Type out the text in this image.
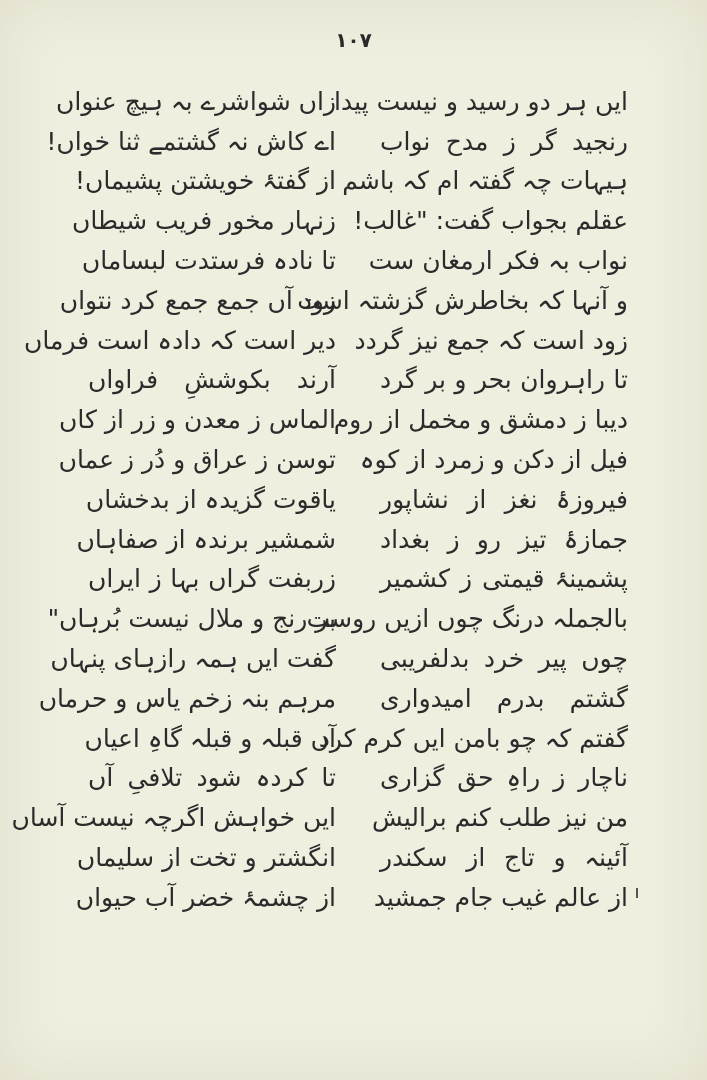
۱۰۷
ایں ہر دو رسید و نیست پیدا
زاں شواشرے بہ ہیچ عنواں
رنجید گر ز مدح نواب
اے کاش نہ گشتمے ثنا خواں!
ہیہات چہ گفتہ ام کہ باشم
از گفتۂ خویشتن پشیماں!
عقلم بجواب گفت: "غالب!
زنہار مخور فریب شیطاں
نواب بہ فکر ارمغان ست
تا نادہ فرستدت لبساماں
و آنہا کہ بخاطرش گزشتہ است
زود آں جمع جمع کرد نتواں
زود است کہ جمع نیز گردد
دیر است کہ دادہ است فرماں
تا راہروان بحر و بر گرد
آرند بکوششِ فراواں
دیبا ز دمشق و مخمل از روم
الماس ز معدن و زر از کاں
فیل از دکن و زمرد از کوہ
توسن ز عراق و دُر ز عماں
فیروزۂ نغز از نشاپور
یاقوت گزیدہ از بدخشاں
جمازۂ تیز رو ز بغداد
شمشیر برندہ از صفاہاں
پشمینۂ قیمتی ز کشمیر
زربفت گراں بہا ز ایراں
بالجملہ درنگ چوں ازیں روست
بر رنج و ملال نیست بُرہاں"
چوں پیر خرد بدلفریبی
گفت ایں ہمہ رازہای پنہاں
گشتم بدرم امیدواری
مرہم بنہ زخم یاس و حرماں
گفتم کہ چو بامن ایں کرم کرد
آں قبلہ و قبلہ گاہِ اعیاں
ناچار ز راہِ حق گزاری
تا کردہ شود تلافیِ آں
من نیز طلب کنم برالیش
ایں خواہش اگرچہ نیست آساں
آئینہ و تاج از سکندر
انگشتر و تخت از سلیماں
از عالم غیب جام جمشید
از چشمۂ خضر آب حیواں
